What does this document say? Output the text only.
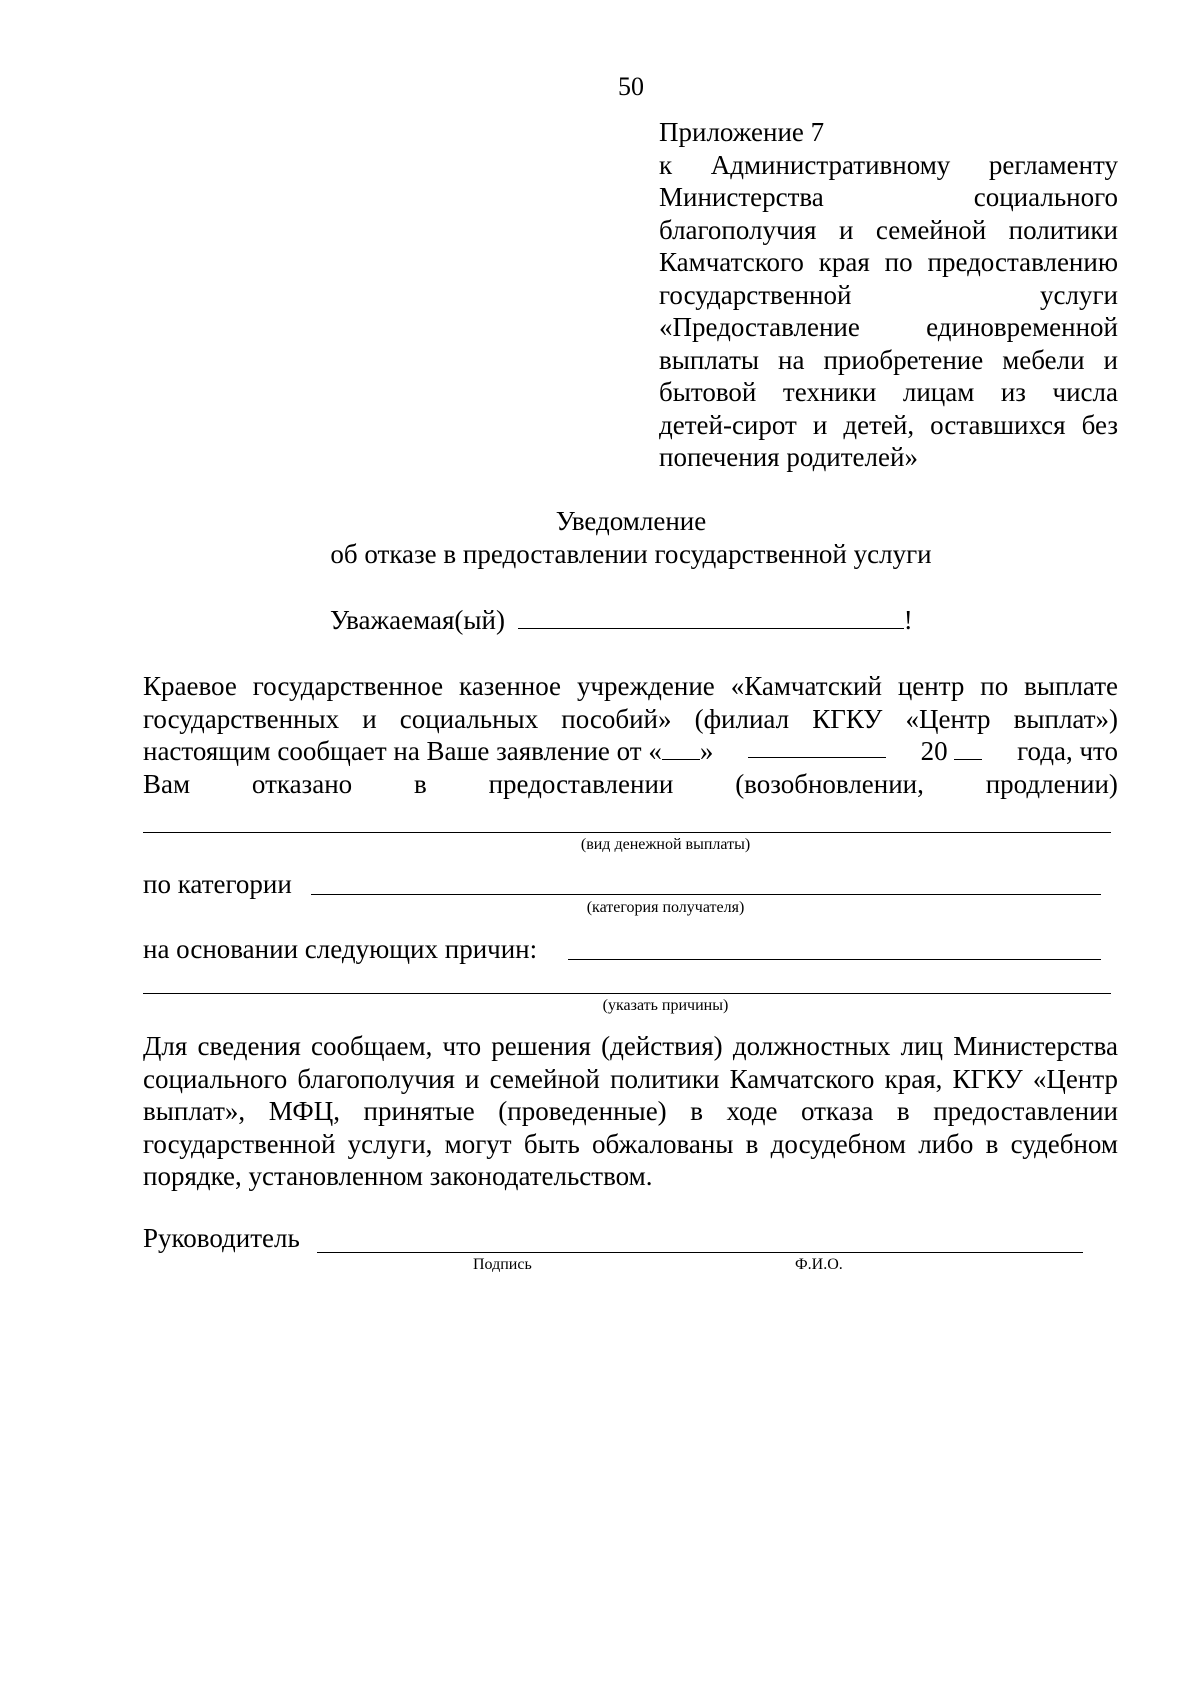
50
Приложение 7
к Административному регламенту Министерства социального благополучия и семейной политики Камчатского края по предоставлению государственной услуги «Предоставление единовременной выплаты на приобретение мебели и бытовой техники лицам из числа детей-сирот и детей, оставшихся без попечения родителей»
Уведомление
об отказе в предоставлении государственной услуги
Уважаемая(ый)	!
Краевое государственное казенное учреждение «Камчатский центр по выплате
государственных и социальных пособий» (филиал КГКУ «Центр выплат»)
настоящим сообщает на Ваше заявление от « »	20	года, что
Вам отказано в предоставлении (возобновлении, продлении)
(вид денежной выплаты)
по категории
(категория получателя)
на основании следующих причин:
(указать причины)
Для сведения сообщаем, что решения (действия) должностных лиц Министерства социального благополучия и семейной политики Камчатского края, КГКУ «Центр выплат», МФЦ, принятые (проведенные) в ходе отказа в предоставлении государственной услуги, могут быть обжалованы в досудебном либо в судебном порядке, установленном законодательством.
Руководитель
Подпись	Ф.И.О.
